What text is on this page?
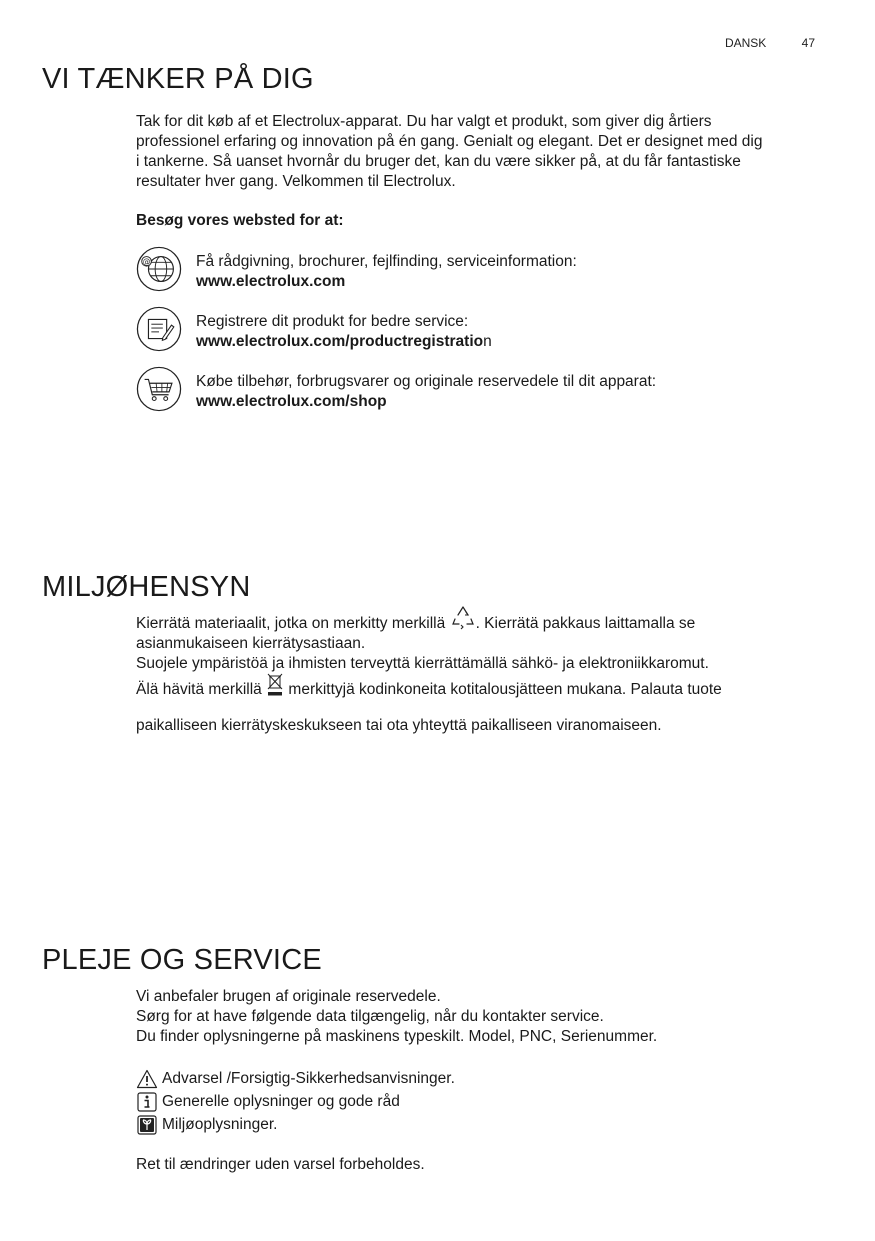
DANSK	47
VI TÆNKER PÅ DIG

Tak for dit køb af et Electrolux-apparat. Du har valgt et produkt, som giver dig årtiers

professionel erfaring og innovation på én gang. Genialt og elegant. Det er designet med dig

i tankerne. Så uanset hvornår du bruger det, kan du være sikker på, at du får fantastiske

resultater hver gang. Velkommen til Electrolux.

Besøg vores websted for at:
@	Få rådgivning, brochurer, fejlfinding, serviceinformation:
www.electrolux.com
Registrere dit produkt for bedre service:
www.electrolux.com/productregistration
Købe tilbehør, forbrugsvarer og originale reservedele til dit apparat:
www.electrolux.com/shop
MILJØHENSYN

Kierrätä materiaalit, jotka on merkitty merkillä . Kierrätä pakkaus laittamalla se

asianmukaiseen kierrätysastiaan.

Suojele ympäristöä ja ihmisten terveyttä kierrättämällä sähkö- ja elektroniikkaromut.

Älä hävitä merkillä merkittyjä kodinkoneita kotitalousjätteen mukana. Palauta tuote

paikalliseen kierrätyskeskukseen tai ota yhteyttä paikalliseen viranomaiseen.

PLEJE OG SERVICE

Vi anbefaler brugen af originale reservedele.

Sørg for at have følgende data tilgængelig, når du kontakter service.

Du finder oplysningerne på maskinens typeskilt. Model, PNC, Serienummer.

Advarsel /Forsigtig-Sikkerhedsanvisninger.
Generelle oplysninger og gode råd
Miljøoplysninger.
Ret til ændringer uden varsel forbeholdes.
